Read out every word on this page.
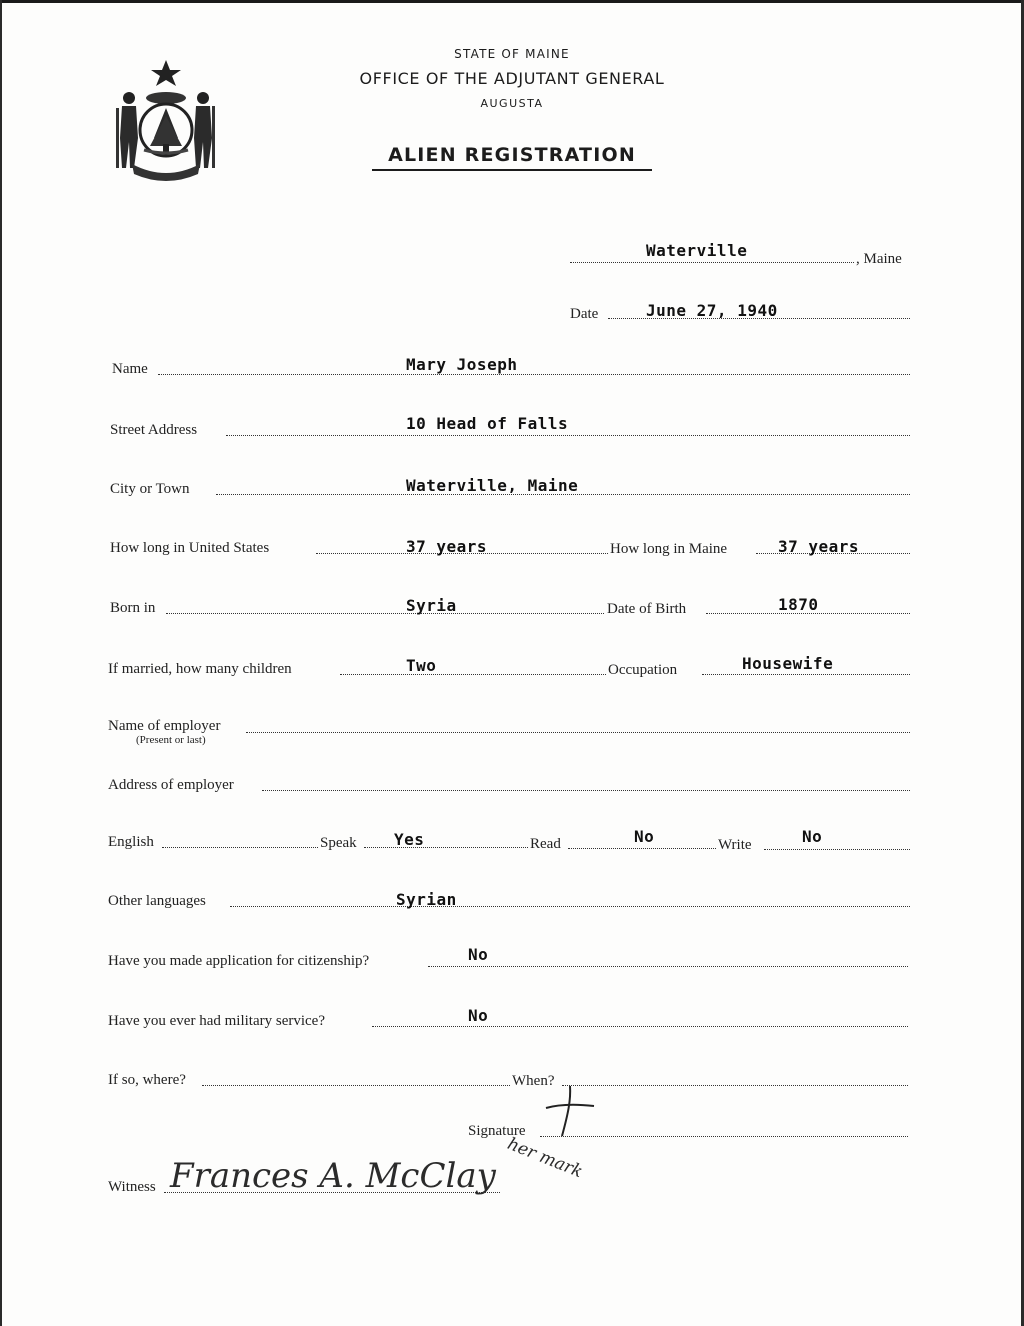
STATE OF MAINE
OFFICE OF THE ADJUTANT GENERAL
AUGUSTA
ALIEN REGISTRATION
Waterville	, Maine
Date	June 27, 1940
Name	Mary Joseph
Street Address	10 Head of Falls
City or Town	Waterville, Maine
How long in United States	37 years	How long in Maine	37 years
Born in	Syria	Date of Birth	1870
If married, how many children	Two	Occupation	Housewife
Name of employer
(Present or last)
Address of employer
English	Speak Yes	Read	No	Write	No
Other languages	Syrian
Have you made application for citizenship?	No
Have you ever had military service?	No
If so, where?	When?
Signature
her mark
Witness Frances A. McClay
